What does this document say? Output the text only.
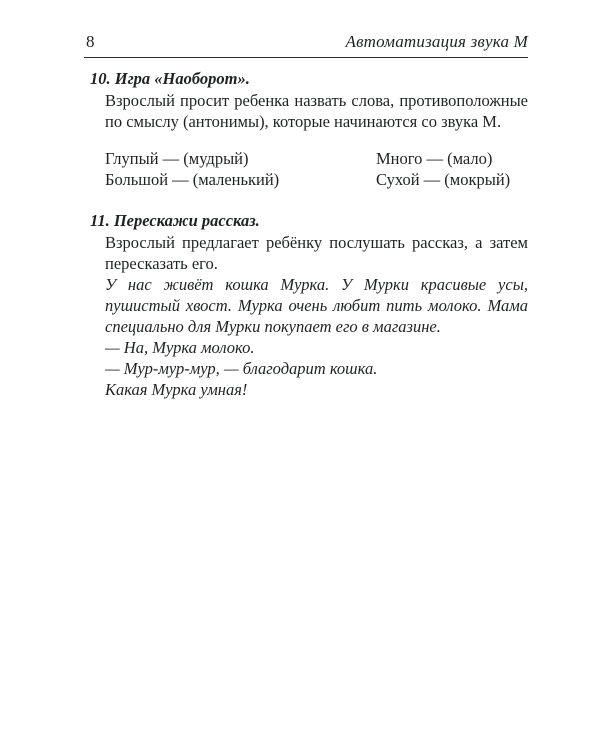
8	Автоматизация звука М
10. Игра «Наоборот».
Взрослый просит ребенка назвать слова, противоположные по смыслу (антонимы), которые начинаются со звука М.
Глупый — (мудрый)
Большой — (маленький)
Много — (мало)
Сухой — (мокрый)
11. Перескажи рассказ.
Взрослый предлагает ребёнку послушать рассказ, а затем пересказать его.
У нас живёт кошка Мурка. У Мурки красивые усы, пушистый хвост. Мурка очень любит пить молоко. Мама специально для Мурки покупает его в магазине.
— На, Мурка молоко.
— Мур-мур-мур, — благодарит кошка.
Какая Мурка умная!
